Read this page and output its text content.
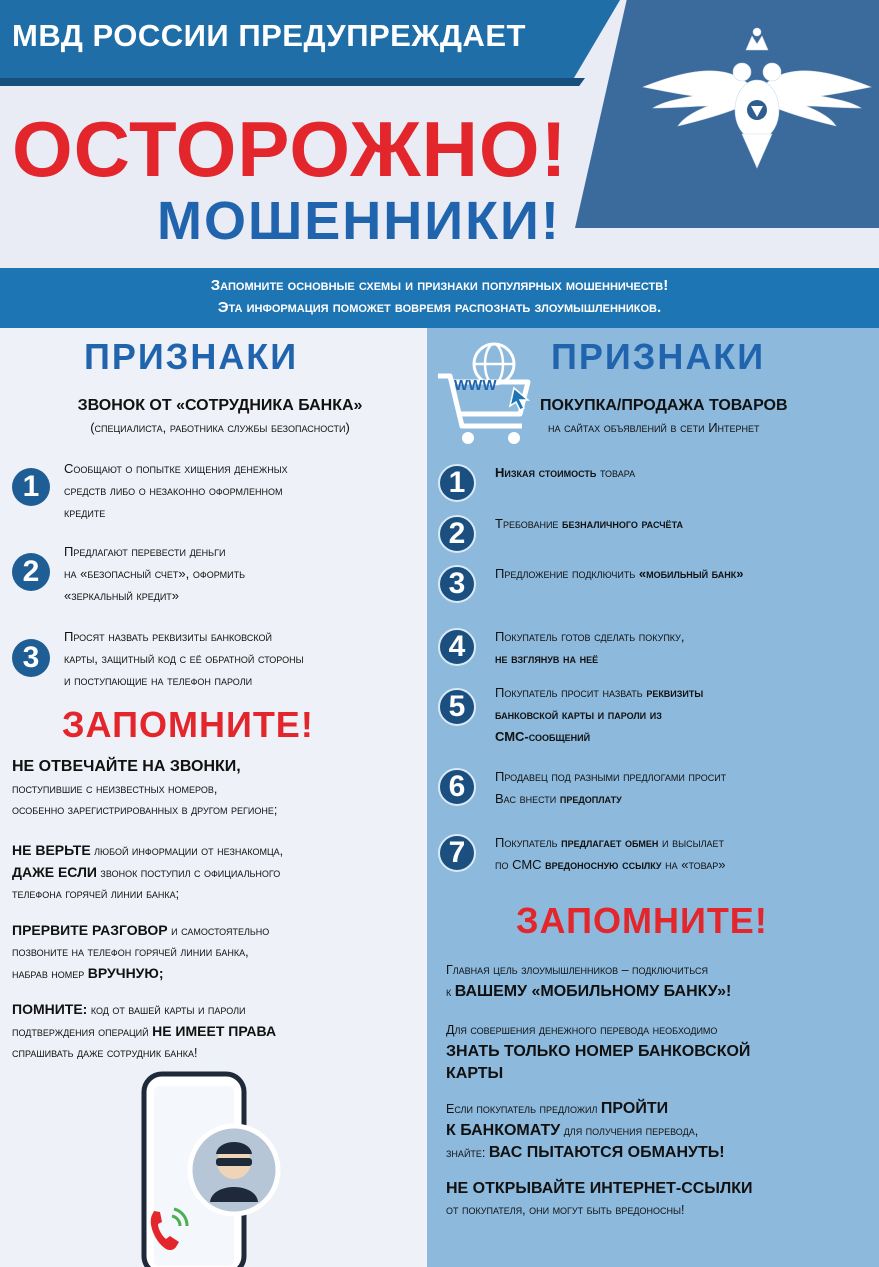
МВД РОССИИ ПРЕДУПРЕЖДАЕТ
ОСТОРОЖНО!
МОШЕННИКИ!
Запомните основные схемы и признаки популярных мошенничеств!
Эта информация поможет вовремя распознать злоумышленников.
ПРИЗНАКИ
ЗВОНОК ОТ «СОТРУДНИКА БАНКА»
(специалиста, работника службы безопасности)
1
Сообщают о попытке хищения денежных
средств либо о незаконно оформленном
кредите
2
Предлагают перевести деньги
на «безопасный счет», оформить
«зеркальный кредит»
3
Просят назвать реквизиты банковской
карты, защитный код с её обратной стороны
и поступающие на телефон пароли
ЗАПОМНИТЕ!
НЕ ОТВЕЧАЙТЕ НА ЗВОНКИ,
поступившие с неизвестных номеров,
особенно зарегистрированных в другом регионе;
НЕ ВЕРЬТЕ любой информации от незнакомца,
ДАЖЕ ЕСЛИ звонок поступил с официального
телефона горячей линии банка;
ПРЕРВИТЕ РАЗГОВОР и самостоятельно
позвоните на телефон горячей линии банка,
набрав номер ВРУЧНУЮ;
ПОМНИТЕ: код от вашей карты и пароли
подтверждения операций НЕ ИМЕЕТ ПРАВА
спрашивать даже сотрудник банка!
WWW
ПРИЗНАКИ
ПОКУПКА/ПРОДАЖА ТОВАРОВ
на сайтах объявлений в сети Интернет
1	Низкая стоимость товара
2	Требование безналичного расчёта
3	Предложение подключить «мобильный банк»
4	Покупатель готов сделать покупку,
не взглянув на неё
5	Покупатель просит назвать реквизиты
банковской карты и пароли из
СМС-сообщений
6	Продавец под разными предлогами просит
Вас внести предоплату
7	Покупатель предлагает обмен и высылает
по СМС вредоносную ссылку на «товар»
ЗАПОМНИТЕ!
Главная цель злоумышленников – подключиться
к ВАШЕМУ «МОБИЛЬНОМУ БАНКУ»!
Для совершения денежного перевода необходимо
ЗНАТЬ ТОЛЬКО НОМЕР БАНКОВСКОЙ
КАРТЫ
Если покупатель предложил ПРОЙТИ
К БАНКОМАТУ для получения перевода,
знайте: ВАС ПЫТАЮТСЯ ОБМАНУТЬ!
НЕ ОТКРЫВАЙТЕ ИНТЕРНЕТ-ССЫЛКИ
от покупателя, они могут быть вредоносны!
